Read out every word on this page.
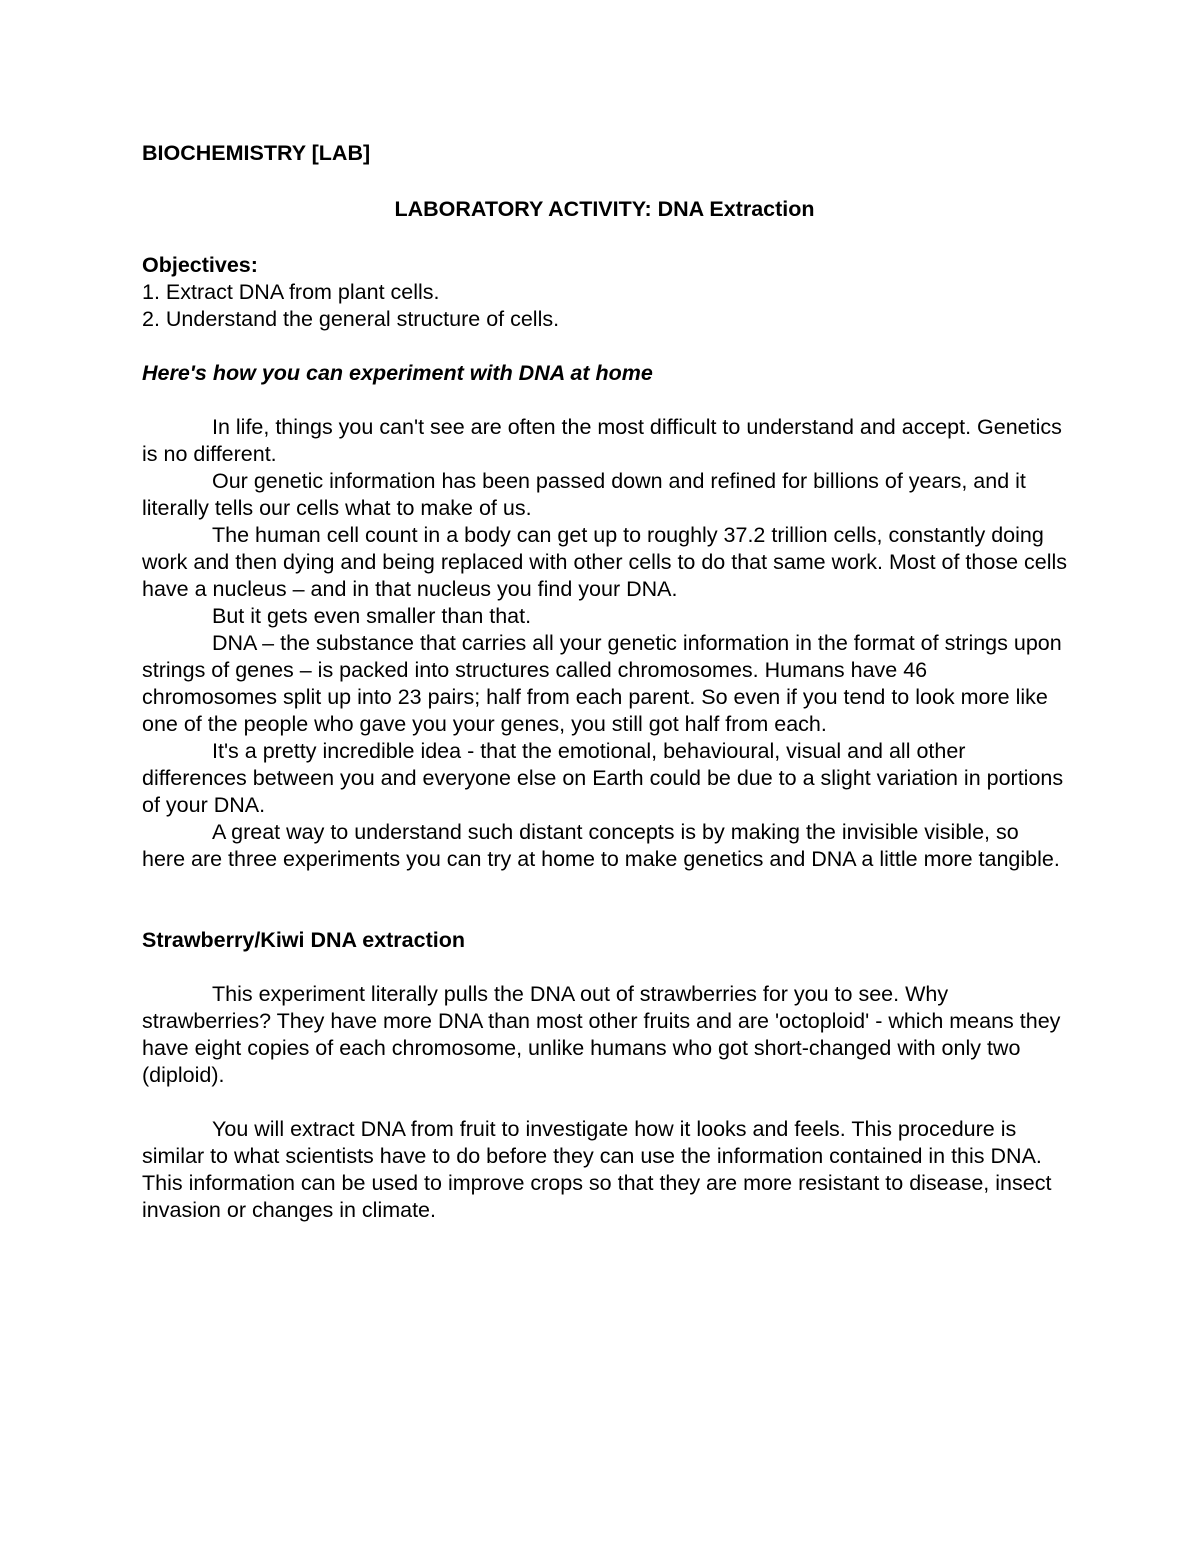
BIOCHEMISTRY [LAB]

LABORATORY ACTIVITY: DNA Extraction

Objectives:

1. Extract DNA from plant cells.

2. Understand the general structure of cells.

Here's how you can experiment with DNA at home

In life, things you can't see are often the most difficult to understand and accept. Genetics is no different.

Our genetic information has been passed down and refined for billions of years, and it literally tells our cells what to make of us.

The human cell count in a body can get up to roughly 37.2 trillion cells, constantly doing work and then dying and being replaced with other cells to do that same work. Most of those cells have a nucleus – and in that nucleus you find your DNA.

But it gets even smaller than that.

DNA – the substance that carries all your genetic information in the format of strings upon strings of genes – is packed into structures called chromosomes. Humans have 46 chromosomes split up into 23 pairs; half from each parent. So even if you tend to look more like one of the people who gave you your genes, you still got half from each.

It's a pretty incredible idea - that the emotional, behavioural, visual and all other differences between you and everyone else on Earth could be due to a slight variation in portions of your DNA.

A great way to understand such distant concepts is by making the invisible visible, so here are three experiments you can try at home to make genetics and DNA a little more tangible.

Strawberry/Kiwi DNA extraction

This experiment literally pulls the DNA out of strawberries for you to see. Why strawberries? They have more DNA than most other fruits and are 'octoploid' - which means they have eight copies of each chromosome, unlike humans who got short-changed with only two (diploid).

You will extract DNA from fruit to investigate how it looks and feels. This procedure is similar to what scientists have to do before they can use the information contained in this DNA. This information can be used to improve crops so that they are more resistant to disease, insect invasion or changes in climate.
